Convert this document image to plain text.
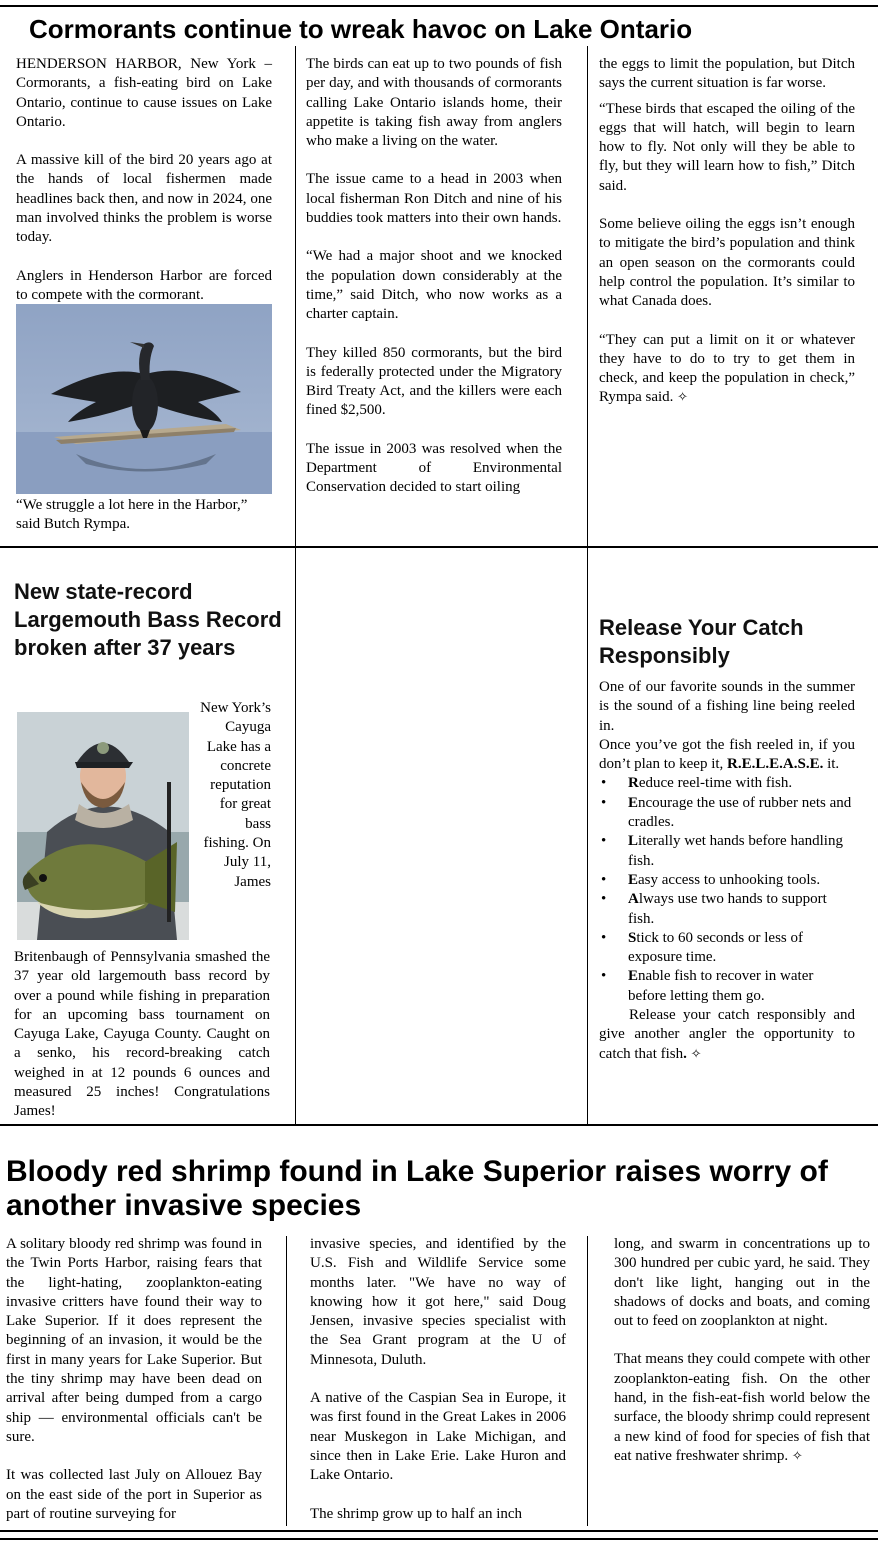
Cormorants continue to wreak havoc on Lake Ontario

HENDERSON HARBOR, New York – Cormorants, a fish-eating bird on Lake Ontario, continue to cause issues on Lake Ontario.

A massive kill of the bird 20 years ago at the hands of local fishermen made headlines back then, and now in 2024, one man involved thinks the problem is worse today.

Anglers in Henderson Harbor are forced to compete with the cormorant.

“We struggle a lot here in the Harbor,” said Butch Rympa.

The birds can eat up to two pounds of fish per day, and with thousands of cormorants calling Lake Ontario islands home, their appetite is taking fish away from anglers who make a living on the water.

The issue came to a head in 2003 when local fisherman Ron Ditch and nine of his buddies took matters into their own hands.

“We had a major shoot and we knocked the population down considerably at the time,” said Ditch, who now works as a charter captain.

They killed 850 cormorants, but the bird is federally protected under the Migratory Bird Treaty Act, and the killers were each fined $2,500.

The issue in 2003 was resolved when the Department of Environmental Conservation decided to start oiling

the eggs to limit the population, but Ditch says the current situation is far worse.

“These birds that escaped the oiling of the eggs that will hatch, will begin to learn how to fly. Not only will they be able to fly, but they will learn how to fish,” Ditch said.

Some believe oiling the eggs isn’t enough to mitigate the bird’s population and think an open season on the cormorants could help control the population. It’s similar to what Canada does.

“They can put a limit on it or whatever they have to do to try to get them in check, and keep the population in check,” Rympa said. ✧

New state-record Largemouth Bass Record broken after 37 years
New York’s Cayuga Lake has a concrete reputation for great bass fishing. On July 11, James

Britenbaugh of Pennsylvania smashed the 37 year old largemouth bass record by over a pound while fishing in preparation for an upcoming bass tournament on Cayuga Lake, Cayuga County. Caught on a senko, his record-breaking catch weighed in at 12 pounds 6 ounces and measured 25 inches! Congratulations James!

Release Your Catch Responsibly

One of our favorite sounds in the summer is the sound of a fishing line being reeled in.

Once you’ve got the fish reeled in, if you don’t plan to keep it, R.E.L.E.A.S.E. it.

• Reduce reel-time with fish.
• Encourage the use of rubber nets and cradles.
• Literally wet hands before handling fish.
• Easy access to unhooking tools.
• Always use two hands to support fish.
• Stick to 60 seconds or less of exposure time.
• Enable fish to recover in water before letting them go.

Release your catch responsibly and give another angler the opportunity to catch that fish. ✧

Bloody red shrimp found in Lake Superior raises worry of another invasive species

A solitary bloody red shrimp was found in the Twin Ports Harbor, raising fears that the light-hating, zooplankton-eating invasive critters have found their way to Lake Superior. If it does represent the beginning of an invasion, it would be the first in many years for Lake Superior. But the tiny shrimp may have been dead on arrival after being dumped from a cargo ship — environmental officials can't be sure.

It was collected last July on Allouez Bay on the east side of the port in Superior as part of routine surveying for

invasive species, and identified by the U.S. Fish and Wildlife Service some months later. "We have no way of knowing how it got here," said Doug Jensen, invasive species specialist with the Sea Grant program at the U of Minnesota, Duluth.

A native of the Caspian Sea in Europe, it was first found in the Great Lakes in 2006 near Muskegon in Lake Michigan, and since then in Lake Erie. Lake Huron and Lake Ontario.

The shrimp grow up to half an inch

long, and swarm in concentrations up to 300 hundred per cubic yard, he said. They don't like light, hanging out in the shadows of docks and boats, and coming out to feed on zooplankton at night.

That means they could compete with other zooplankton-eating fish. On the other hand, in the fish-eat-fish world below the surface, the bloody shrimp could represent a new kind of food for species of fish that eat native freshwater shrimp. ✧
